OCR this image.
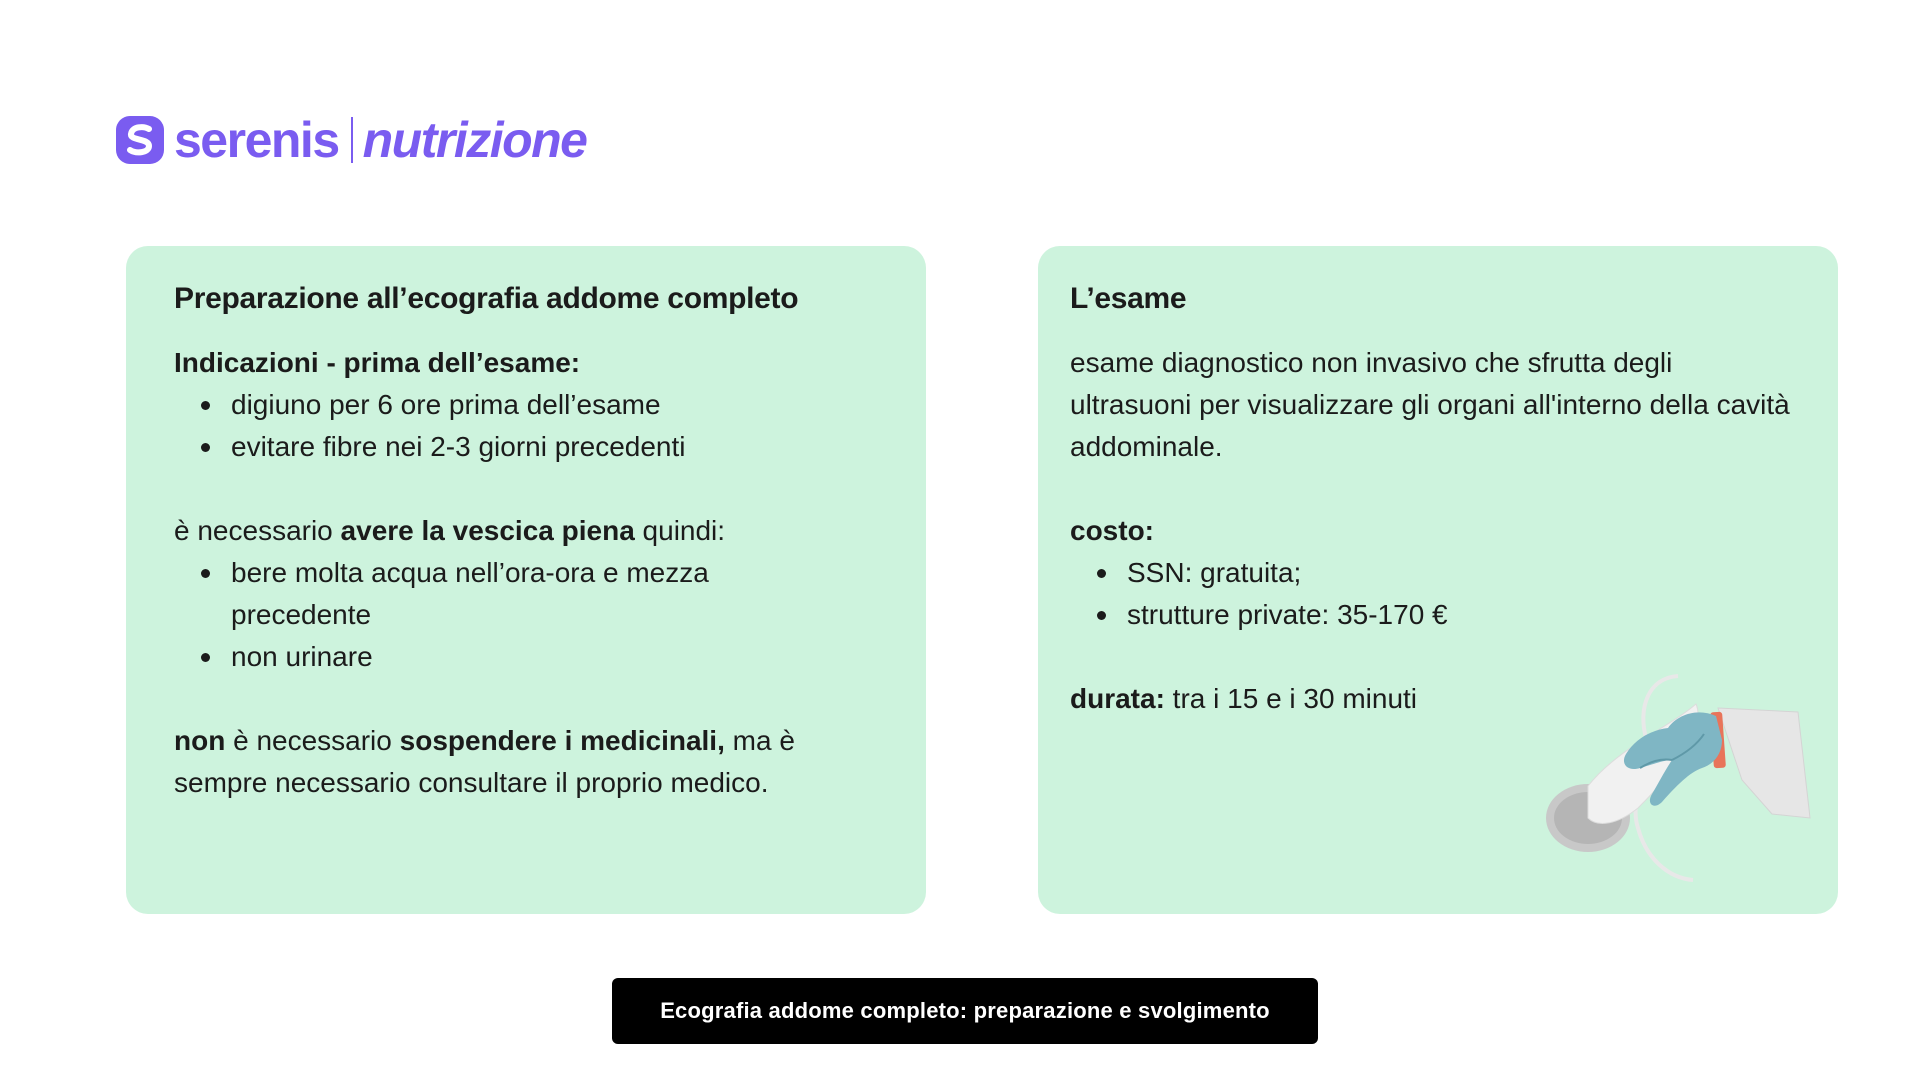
serenis nutrizione
Preparazione all’ecografia addome completo

Indicazioni - prima dell’esame:

digiuno per 6 ore prima dell’esame
evitare fibre nei 2-3 giorni precedenti

è necessario avere la vescica piena quindi:

bere molta acqua nell’ora-ora e mezza precedente
non urinare

non è necessario sospendere i medicinali, ma è sempre necessario consultare il proprio medico.

L’esame

esame diagnostico non invasivo che sfrutta degli ultrasuoni per visualizzare gli organi all'interno della cavità addominale.

costo:

SSN: gratuita;
strutture private: 35-170 €

durata: tra i 15 e i 30 minuti

Ecografia addome completo: preparazione e svolgimento
